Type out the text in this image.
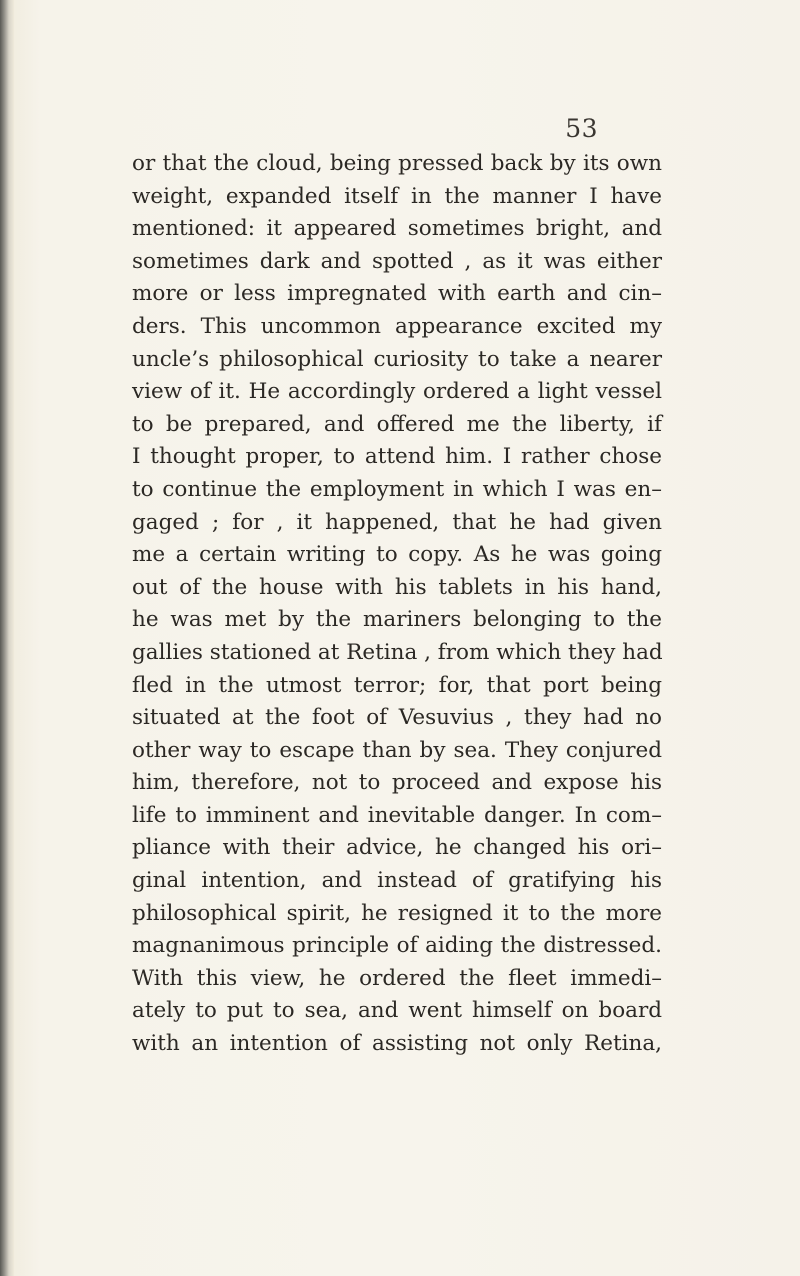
53
or that the cloud, being pressed back by its own
weight, expanded itself in the manner I have
mentioned: it appeared sometimes bright, and
sometimes dark and spotted , as it was either
more or less impregnated with earth and cin–
ders. This uncommon appearance excited my
uncle’s philosophical curiosity to take a nearer
view of it. He accordingly ordered a light vessel
to be prepared, and offered me the liberty, if
I thought proper, to attend him. I rather chose
to continue the employment in which I was en–
gaged ; for , it happened, that he had given
me a certain writing to copy. As he was going
out of the house with his tablets in his hand,
he was met by the mariners belonging to the
gallies stationed at Retina , from which they had
fled in the utmost terror; for, that port being
situated at the foot of Vesuvius , they had no
other way to escape than by sea. They conjured
him, therefore, not to proceed and expose his
life to imminent and inevitable danger. In com–
pliance with their advice, he changed his ori–
ginal intention, and instead of gratifying his
philosophical spirit, he resigned it to the more
magnanimous principle of aiding the distressed.
With this view, he ordered the fleet immedi–
ately to put to sea, and went himself on board
with an intention of assisting not only Retina,
